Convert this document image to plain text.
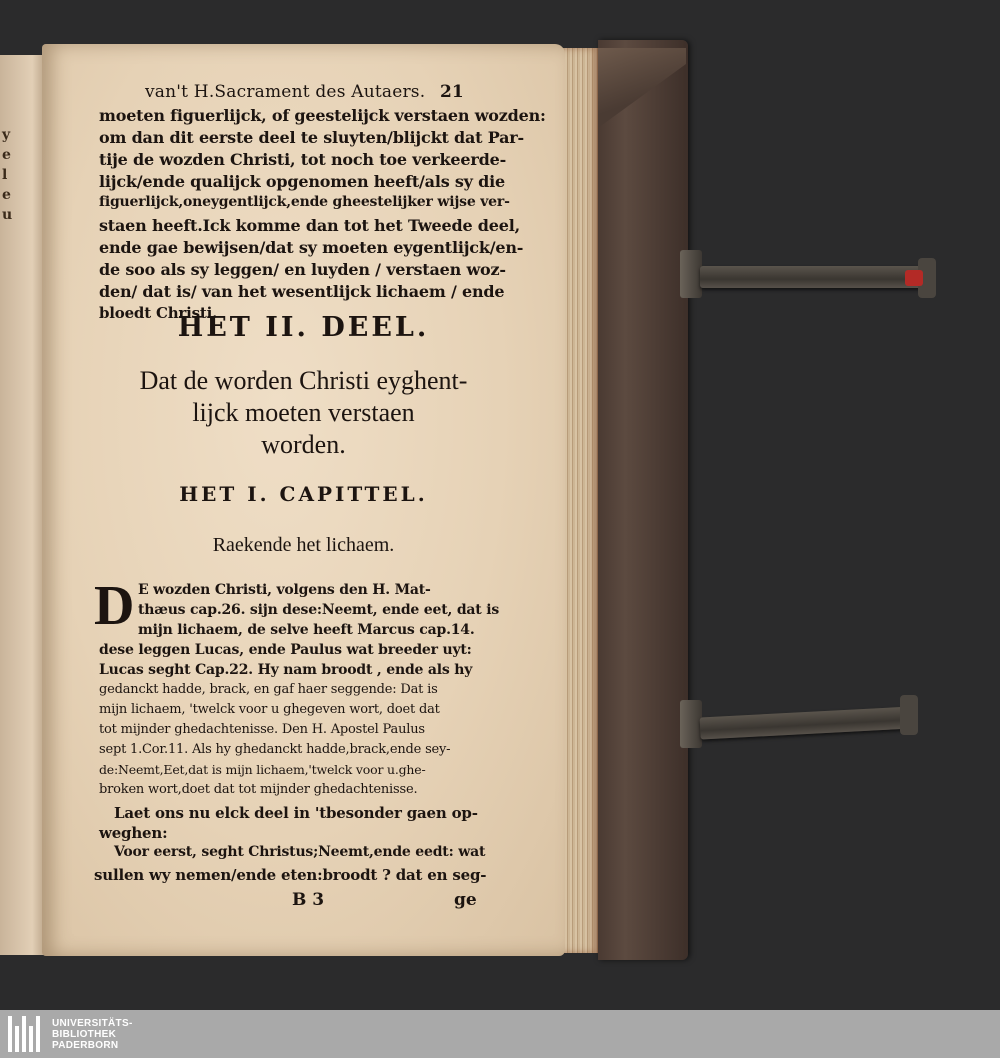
y
e
l
e
u
van't H.Sacrament des Autaers. 21
moeten figuerlijck, of geestelijck verstaen wozden:
om dan dit eerste deel te sluyten/blijckt dat Par-
tije de wozden Christi, tot noch toe verkeerde-
lijck/ende qualijck opgenomen heeft/als sy die
figuerlijck,oneygentlijck,ende gheestelijker wijse ver-
staen heeft.Ick komme dan tot het Tweede deel,
ende gae bewijsen/dat sy moeten eygentlijck/en-
de soo als sy leggen/ en luyden / verstaen woz-
den/ dat is/ van het wesentlijck lichaem / ende
bloedt Christi.
HET II. DEEL.
Dat de worden Christi eyghent-
lijck moeten verstaen
worden.
HET I. CAPITTEL.
Raekende het lichaem.
D E wozden Christi, volgens den H. Mat-
thæus cap.26. sijn dese:Neemt, ende eet, dat is
mijn lichaem, de selve heeft Marcus cap.14.
dese leggen Lucas, ende Paulus wat breeder uyt:
Lucas seght Cap.22. Hy nam broodt , ende als hy
gedanckt hadde, brack, en gaf haer seggende: Dat is
mijn lichaem, 'twelck voor u ghegeven wort, doet dat
tot mijnder ghedachtenisse. Den H. Apostel Paulus
sept 1.Cor.11. Als hy ghedanckt hadde,brack,ende sey-
de:Neemt,Eet,dat is mijn lichaem,'twelck voor u.ghe-
broken wort,doet dat tot mijnder ghedachtenisse.
Laet ons nu elck deel in 'tbesonder gaen op-
weghen:
Voor eerst, seght Christus;Neemt,ende eedt: wat
sullen wy nemen/ende eten:broodt ? dat en seg-
B 3	ge
UNIVERSITÄTS-
BIBLIOTHEK
PADERBORN
